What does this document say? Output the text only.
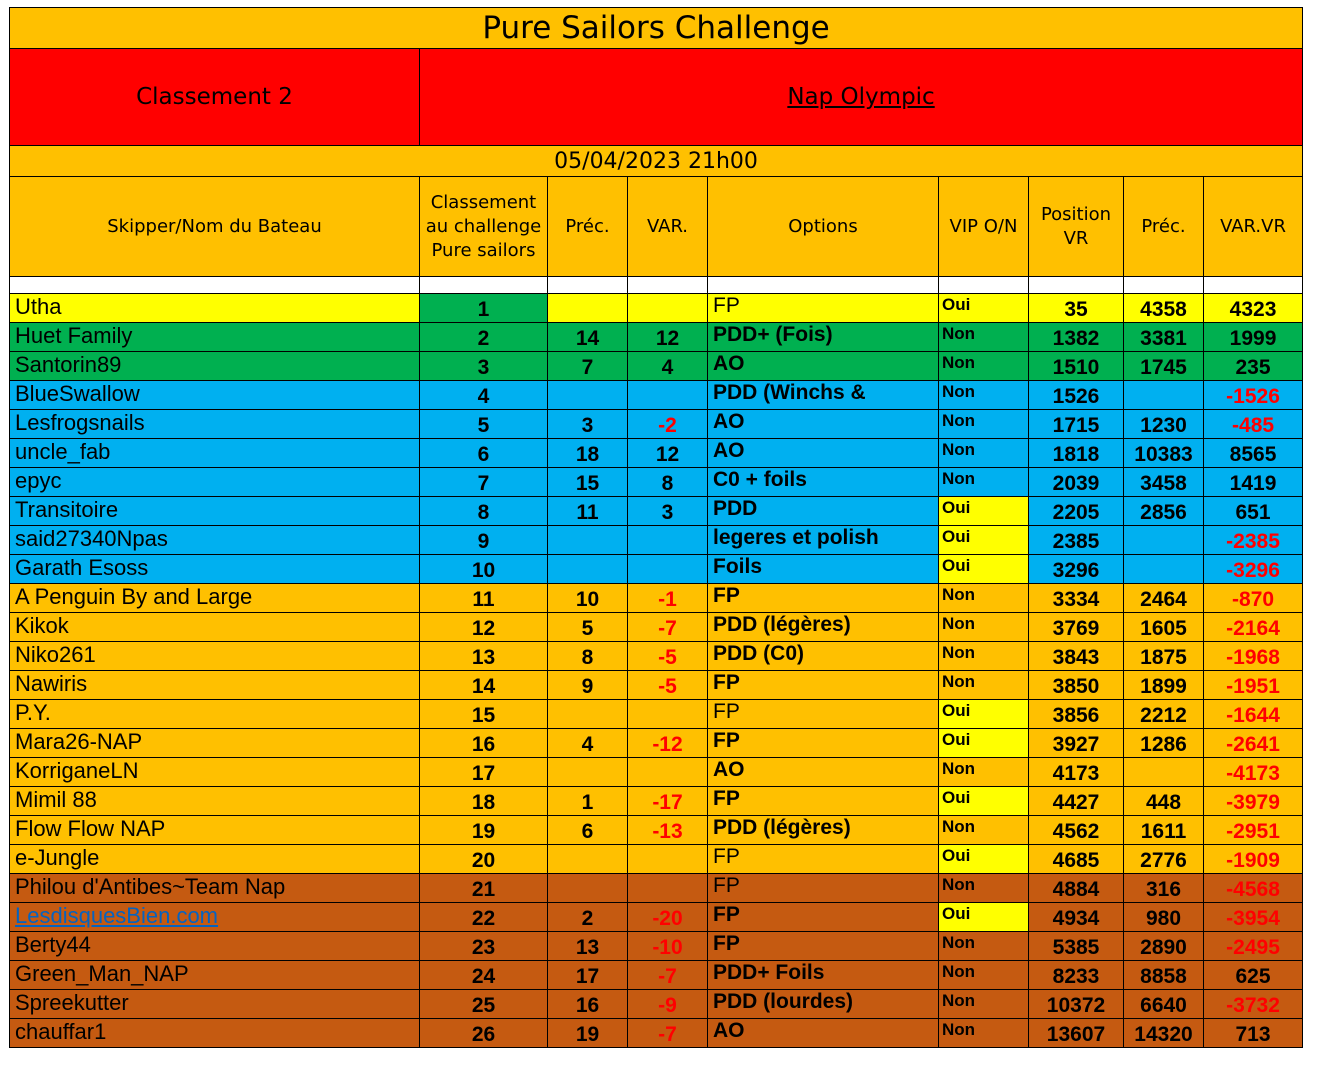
Pure Sailors Challenge								
Classement 2	Nap Olympic							
05/04/2023 21h00								
Skipper/Nom du Bateau	Classement au challenge Pure sailors	Préc.	VAR.	Options	VIP O/N	Position VR	Préc.	VAR.VR

Utha	1			FP	Oui	35	4358	4323
Huet Family	2	14	12	PDD+ (Fois)	Non	1382	3381	1999
Santorin89	3	7	4	AO	Non	1510	1745	235
BlueSwallow	4			PDD (Winchs &	Non	1526		-1526
Lesfrogsnails	5	3	-2	AO	Non	1715	1230	-485
uncle_fab	6	18	12	AO	Non	1818	10383	8565
epyc	7	15	8	C0 + foils	Non	2039	3458	1419
Transitoire	8	11	3	PDD	Oui	2205	2856	651
said27340Npas	9			legeres et polish	Oui	2385		-2385
Garath Esoss	10			Foils	Oui	3296		-3296
A Penguin By and Large	11	10	-1	FP	Non	3334	2464	-870
Kikok	12	5	-7	PDD (légères)	Non	3769	1605	-2164
Niko261	13	8	-5	PDD (C0)	Non	3843	1875	-1968
Nawiris	14	9	-5	FP	Non	3850	1899	-1951
P.Y.	15			FP	Oui	3856	2212	-1644
Mara26-NAP	16	4	-12	FP	Oui	3927	1286	-2641
KorriganeLN	17			AO	Non	4173		-4173
Mimil 88	18	1	-17	FP	Oui	4427	448	-3979
Flow Flow NAP	19	6	-13	PDD (légères)	Non	4562	1611	-2951
e-Jungle	20			FP	Oui	4685	2776	-1909
Philou d'Antibes~Team Nap	21			FP	Non	4884	316	-4568
LesdisquesBien.com	22	2	-20	FP	Oui	4934	980	-3954
Berty44	23	13	-10	FP	Non	5385	2890	-2495
Green_Man_NAP	24	17	-7	PDD+ Foils	Non	8233	8858	625
Spreekutter	25	16	-9	PDD (lourdes)	Non	10372	6640	-3732
chauffar1	26	19	-7	AO	Non	13607	14320	713
